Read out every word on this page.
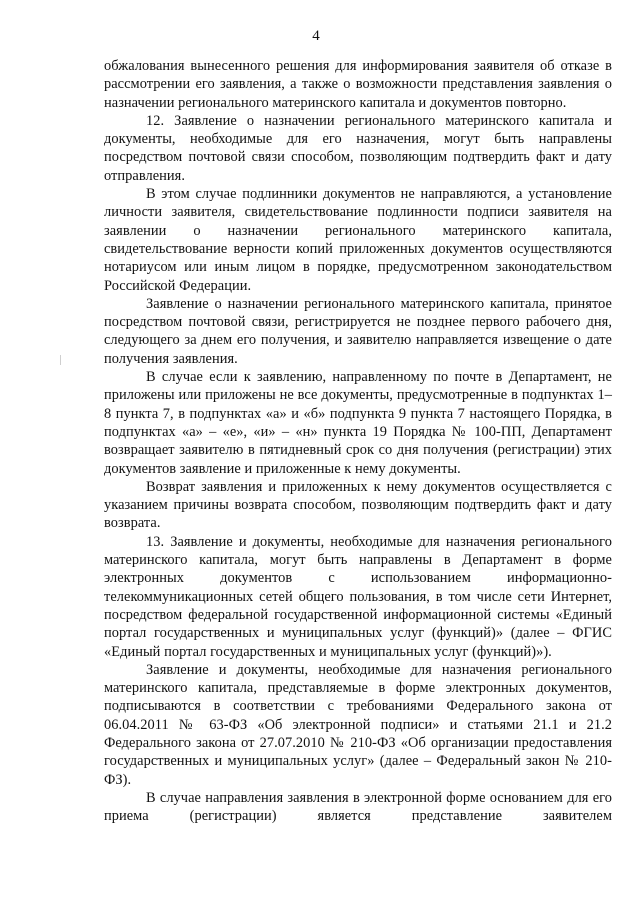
4

обжалования вынесенного решения для информирования заявителя об отказе в рассмотрении его заявления, а также о возможности представления заявления о назначении регионального материнского капитала и документов повторно.

12. Заявление о назначении регионального материнского капитала и документы, необходимые для его назначения, могут быть направлены посредством почтовой связи способом, позволяющим подтвердить факт и дату отправления.

В этом случае подлинники документов не направляются, а установление личности заявителя, свидетельствование подлинности подписи заявителя на заявлении о назначении регионального материнского капитала, свидетельствование верности копий приложенных документов осуществляются нотариусом или иным лицом в порядке, предусмотренном законодательством Российской Федерации.

Заявление о назначении регионального материнского капитала, принятое посредством почтовой связи, регистрируется не позднее первого рабочего дня, следующего за днем его получения, и заявителю направляется извещение о дате получения заявления.

В случае если к заявлению, направленному по почте в Департамент, не приложены или приложены не все документы, предусмотренные в подпунктах 1–8 пункта 7, в подпунктах «а» и «б» подпункта 9 пункта 7 настоящего Порядка, в подпунктах «а» – «е», «и» – «н» пункта 19 Порядка № 100-ПП, Департамент возвращает заявителю в пятидневный срок со дня получения (регистрации) этих документов заявление и приложенные к нему документы.

Возврат заявления и приложенных к нему документов осуществляется с указанием причины возврата способом, позволяющим подтвердить факт и дату возврата.

13. Заявление и документы, необходимые для назначения регионального материнского капитала, могут быть направлены в Департамент в форме электронных документов с использованием информационно-телекоммуникационных сетей общего пользования, в том числе сети Интернет, посредством федеральной государственной информационной системы «Единый портал государственных и муниципальных услуг (функций)» (далее – ФГИС «Единый портал государственных и муниципальных услуг (функций)»).

Заявление и документы, необходимые для назначения регионального материнского капитала, представляемые в форме электронных документов, подписываются в соответствии с требованиями Федерального закона от 06.04.2011 № 63-ФЗ «Об электронной подписи» и статьями 21.1 и 21.2 Федерального закона от 27.07.2010 № 210-ФЗ «Об организации предоставления государственных и муниципальных услуг» (далее – Федеральный закон № 210-ФЗ).

В случае направления заявления в электронной форме основанием для его приема (регистрации) является представление заявителем
